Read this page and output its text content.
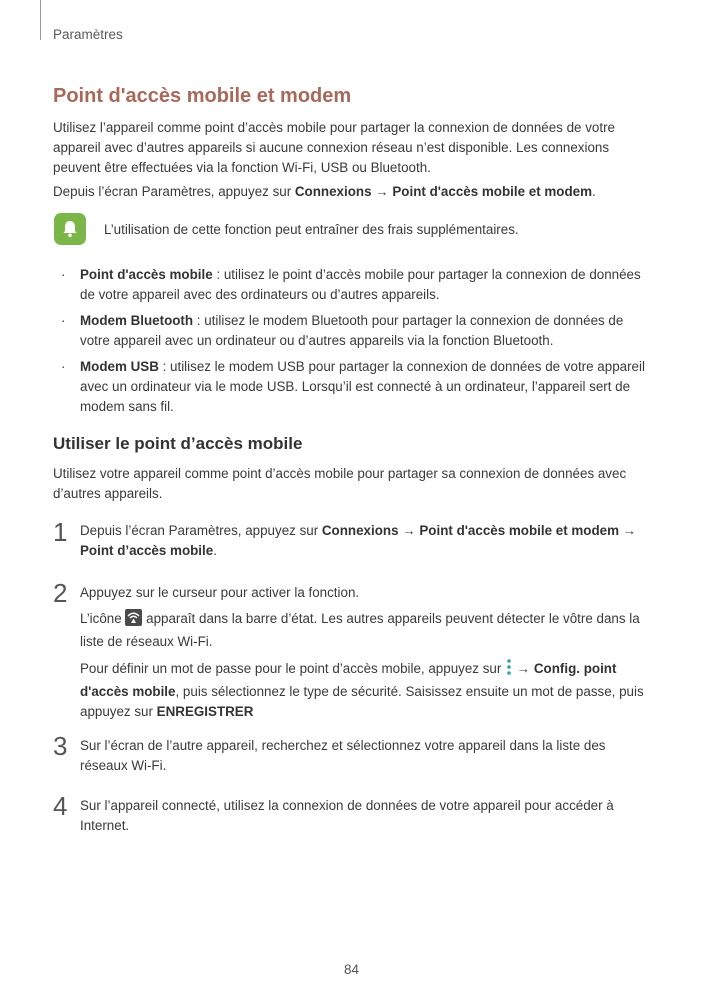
Paramètres
Point d'accès mobile et modem

Utilisez l’appareil comme point d’accès mobile pour partager la connexion de données de votre appareil avec d’autres appareils si aucune connexion réseau n’est disponible. Les connexions peuvent être effectuées via la fonction Wi-Fi, USB ou Bluetooth.

Depuis l’écran Paramètres, appuyez sur Connexions → Point d'accès mobile et modem.

L’utilisation de cette fonction peut entraîner des frais supplémentaires.
· Point d'accès mobile : utilisez le point d’accès mobile pour partager la connexion de données de votre appareil avec des ordinateurs ou d’autres appareils.
· Modem Bluetooth : utilisez le modem Bluetooth pour partager la connexion de données de votre appareil avec un ordinateur ou d’autres appareils via la fonction Bluetooth.
· Modem USB : utilisez le modem USB pour partager la connexion de données de votre appareil avec un ordinateur via le mode USB. Lorsqu’il est connecté à un ordinateur, l’appareil sert de modem sans fil.
Utiliser le point d’accès mobile

Utilisez votre appareil comme point d’accès mobile pour partager sa connexion de données avec d’autres appareils.

1 Depuis l’écran Paramètres, appuyez sur Connexions → Point d'accès mobile et modem → Point d’accès mobile.

2 Appuyez sur le curseur pour activer la fonction.

L’icône  apparaît dans la barre d’état. Les autres appareils peuvent détecter le vôtre dans la liste de réseaux Wi-Fi.

Pour définir un mot de passe pour le point d’accès mobile, appuyez sur  → Config. point d'accès mobile, puis sélectionnez le type de sécurité. Saisissez ensuite un mot de passe, puis appuyez sur ENREGISTRER

3 Sur l’écran de l’autre appareil, recherchez et sélectionnez votre appareil dans la liste des réseaux Wi-Fi.

4 Sur l’appareil connecté, utilisez la connexion de données de votre appareil pour accéder à Internet.

84
